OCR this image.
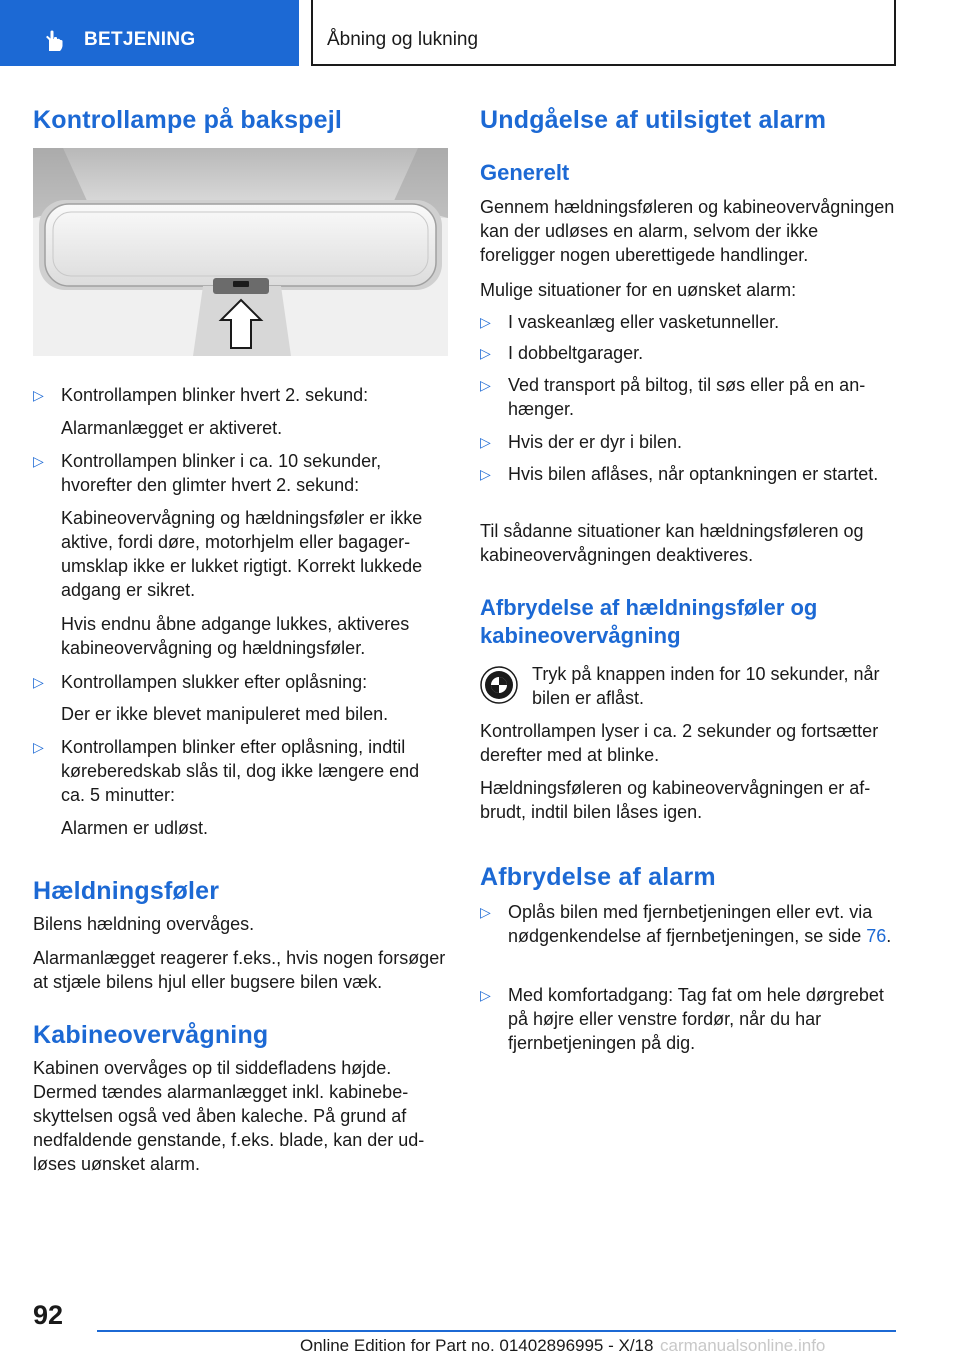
BETJENING	Åbning og lukning
Kontrollampe på bakspejl
▷ Kontrollampen blinker hvert 2. sekund:
Alarmanlægget er aktiveret.
▷ Kontrollampen blinker i ca. 10 sekunder, hvorefter den glimter hvert 2. sekund:
Kabineovervågning og hældningsføler er ikke aktive, fordi døre, motorhjelm eller bagagerumsklap ikke er lukket rigtigt. Korrekt lukkede adgang er sikret.
Hvis endnu åbne adgange lukkes, aktiveres kabineovervågning og hældningsføler.
▷ Kontrollampen slukker efter oplåsning:
Der er ikke blevet manipuleret med bilen.
▷ Kontrollampen blinker efter oplåsning, indtil køreberedskab slås til, dog ikke længere end ca. 5 minutter:
Alarmen er udløst.
Hældningsføler
Bilens hældning overvåges.
Alarmanlægget reagerer f.eks., hvis nogen forsøger at stjæle bilens hjul eller bugsere bilen væk.
Kabineovervågning
Kabinen overvåges op til siddefladens højde. Dermed tændes alarmanlægget inkl. kabinebeskyttelsen også ved åben kaleche. På grund af nedfaldende genstande, f.eks. blade, kan der udløses uønsket alarm.
Undgåelse af utilsigtet alarm
Generelt
Gennem hældningsføleren og kabineovervågningen kan der udløses en alarm, selvom der ikke foreligger nogen uberettigede handlinger.
Mulige situationer for en uønsket alarm:
▷ I vaskeanlæg eller vasketunneller.
▷ I dobbeltgarager.
▷ Ved transport på biltog, til søs eller på en anhænger.
▷ Hvis der er dyr i bilen.
▷ Hvis bilen aflåses, når optankningen er startet.
Til sådanne situationer kan hældningsføleren og kabineovervågningen deaktiveres.
Afbrydelse af hældningsføler og kabineovervågning
Tryk på knappen inden for 10 sekunder, når bilen er aflåst.
Kontrollampen lyser i ca. 2 sekunder og fortsætter derefter med at blinke.
Hældningsføleren og kabineovervågningen er afbrudt, indtil bilen låses igen.
Afbrydelse af alarm
▷ Oplås bilen med fjernbetjeningen eller evt. via nødgenkendelse af fjernbetjeningen, se side 76.
▷ Med komfortadgang: Tag fat om hele dørgrebet på højre eller venstre fordør, når du har fjernbetjeningen på dig.
92
Online Edition for Part no. 01402896995 - X/18 carmanualsonline.info
